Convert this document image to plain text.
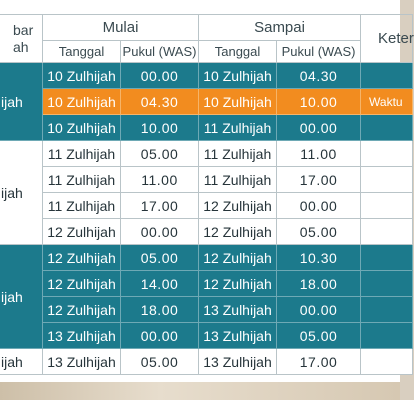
bar
ah	Mulai		Sampai		Keter
	Tanggal	Pukul (WAS)	Tanggal	Pukul (WAS)	
ijah	10 Zulhijah	00.00	10 Zulhijah	04.30	
	10 Zulhijah	04.30	10 Zulhijah	10.00	Waktu
	10 Zulhijah	10.00	11 Zulhijah	00.00	
ijah	11 Zulhijah	05.00	11 Zulhijah	11.00	
	11 Zulhijah	11.00	11 Zulhijah	17.00	
	11 Zulhijah	17.00	12 Zulhijah	00.00	
	12 Zulhijah	00.00	12 Zulhijah	05.00	
ijah	12 Zulhijah	05.00	12 Zulhijah	10.30	
	12 Zulhijah	14.00	12 Zulhijah	18.00	
	12 Zulhijah	18.00	13 Zulhijah	00.00	
	13 Zulhijah	00.00	13 Zulhijah	05.00	
ijah	13 Zulhijah	05.00	13 Zulhijah	17.00	
